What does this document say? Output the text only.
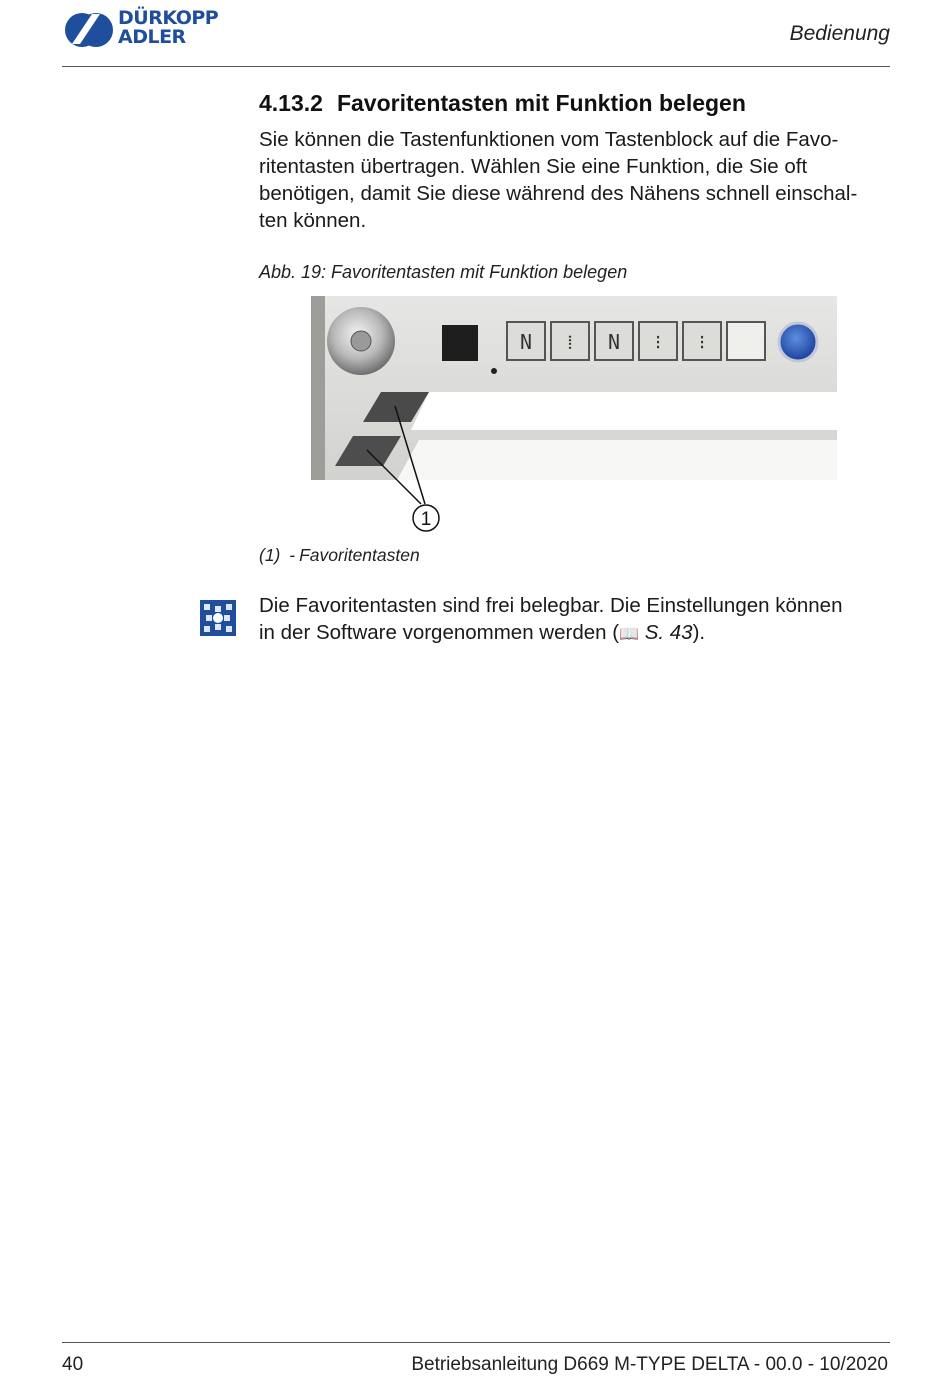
DÜRKOPP
ADLER	Bedienung
4.13.2 Favoritentasten mit Funktion belegen

Sie können die Tastenfunktionen vom Tastenblock auf die Favo-
ritentasten übertragen. Wählen Sie eine Funktion, die Sie oft
benötigen, damit Sie diese während des Nähens schnell einschal-
ten können.

Abb. 19: Favoritentasten mit Funktion belegen

N ⁞ N ⁝ ⁝
1
(1) - Favoritentasten

Die Favoritentasten sind frei belegbar. Die Einstellungen können
in der Software vorgenommen werden (📖 S. 43).

40	Betriebsanleitung D669 M-TYPE DELTA - 00.0 - 10/2020
